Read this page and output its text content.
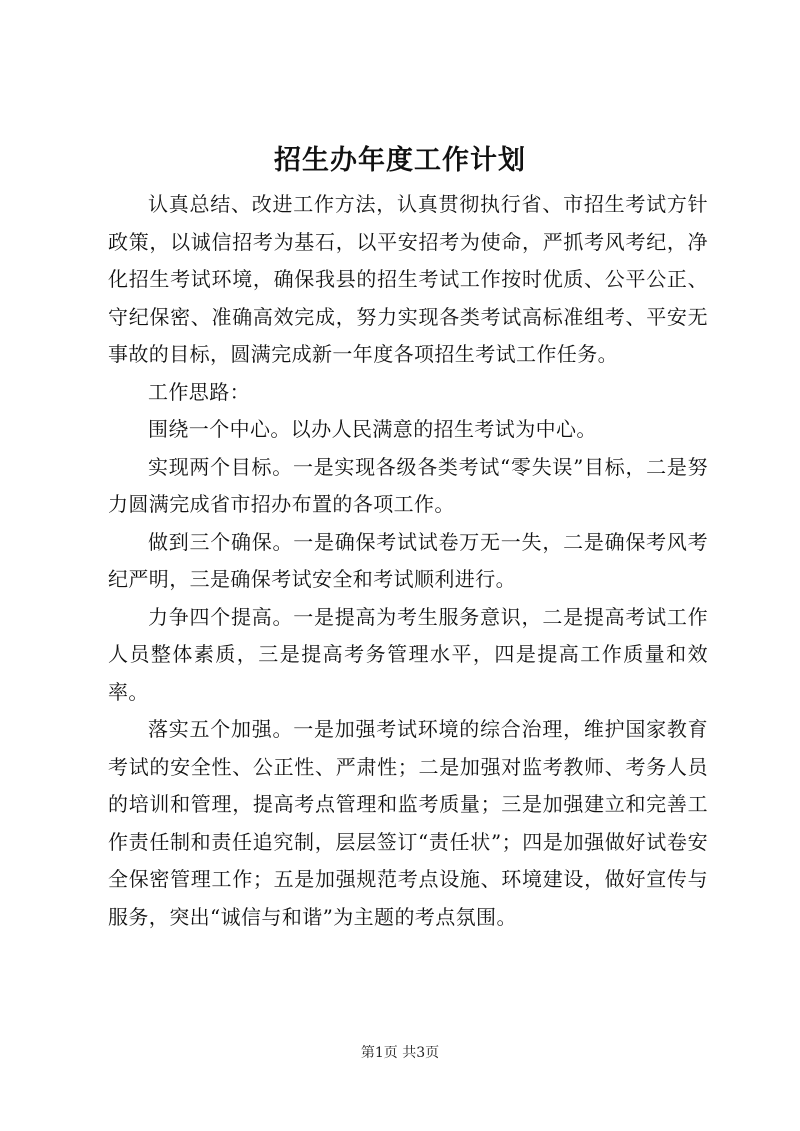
招生办年度工作计划

认真总结、改进工作方法，认真贯彻执行省、市招生考试方针政策，以诚信招考为基石，以平安招考为使命，严抓考风考纪，净化招生考试环境，确保我县的招生考试工作按时优质、公平公正、守纪保密、准确高效完成，努力实现各类考试高标准组考、平安无事故的目标，圆满完成新一年度各项招生考试工作任务。

工作思路：

围绕一个中心。以办人民满意的招生考试为中心。

实现两个目标。一是实现各级各类考试“零失误”目标，二是努力圆满完成省市招办布置的各项工作。

做到三个确保。一是确保考试试卷万无一失，二是确保考风考纪严明，三是确保考试安全和考试顺利进行。

力争四个提高。一是提高为考生服务意识，二是提高考试工作人员整体素质，三是提高考务管理水平，四是提高工作质量和效率。

落实五个加强。一是加强考试环境的综合治理，维护国家教育考试的安全性、公正性、严肃性；二是加强对监考教师、考务人员的培训和管理，提高考点管理和监考质量；三是加强建立和完善工作责任制和责任追究制，层层签订“责任状”；四是加强做好试卷安全保密管理工作；五是加强规范考点设施、环境建设，做好宣传与服务，突出“诚信与和谐”为主题的考点氛围。

第1页 共3页
